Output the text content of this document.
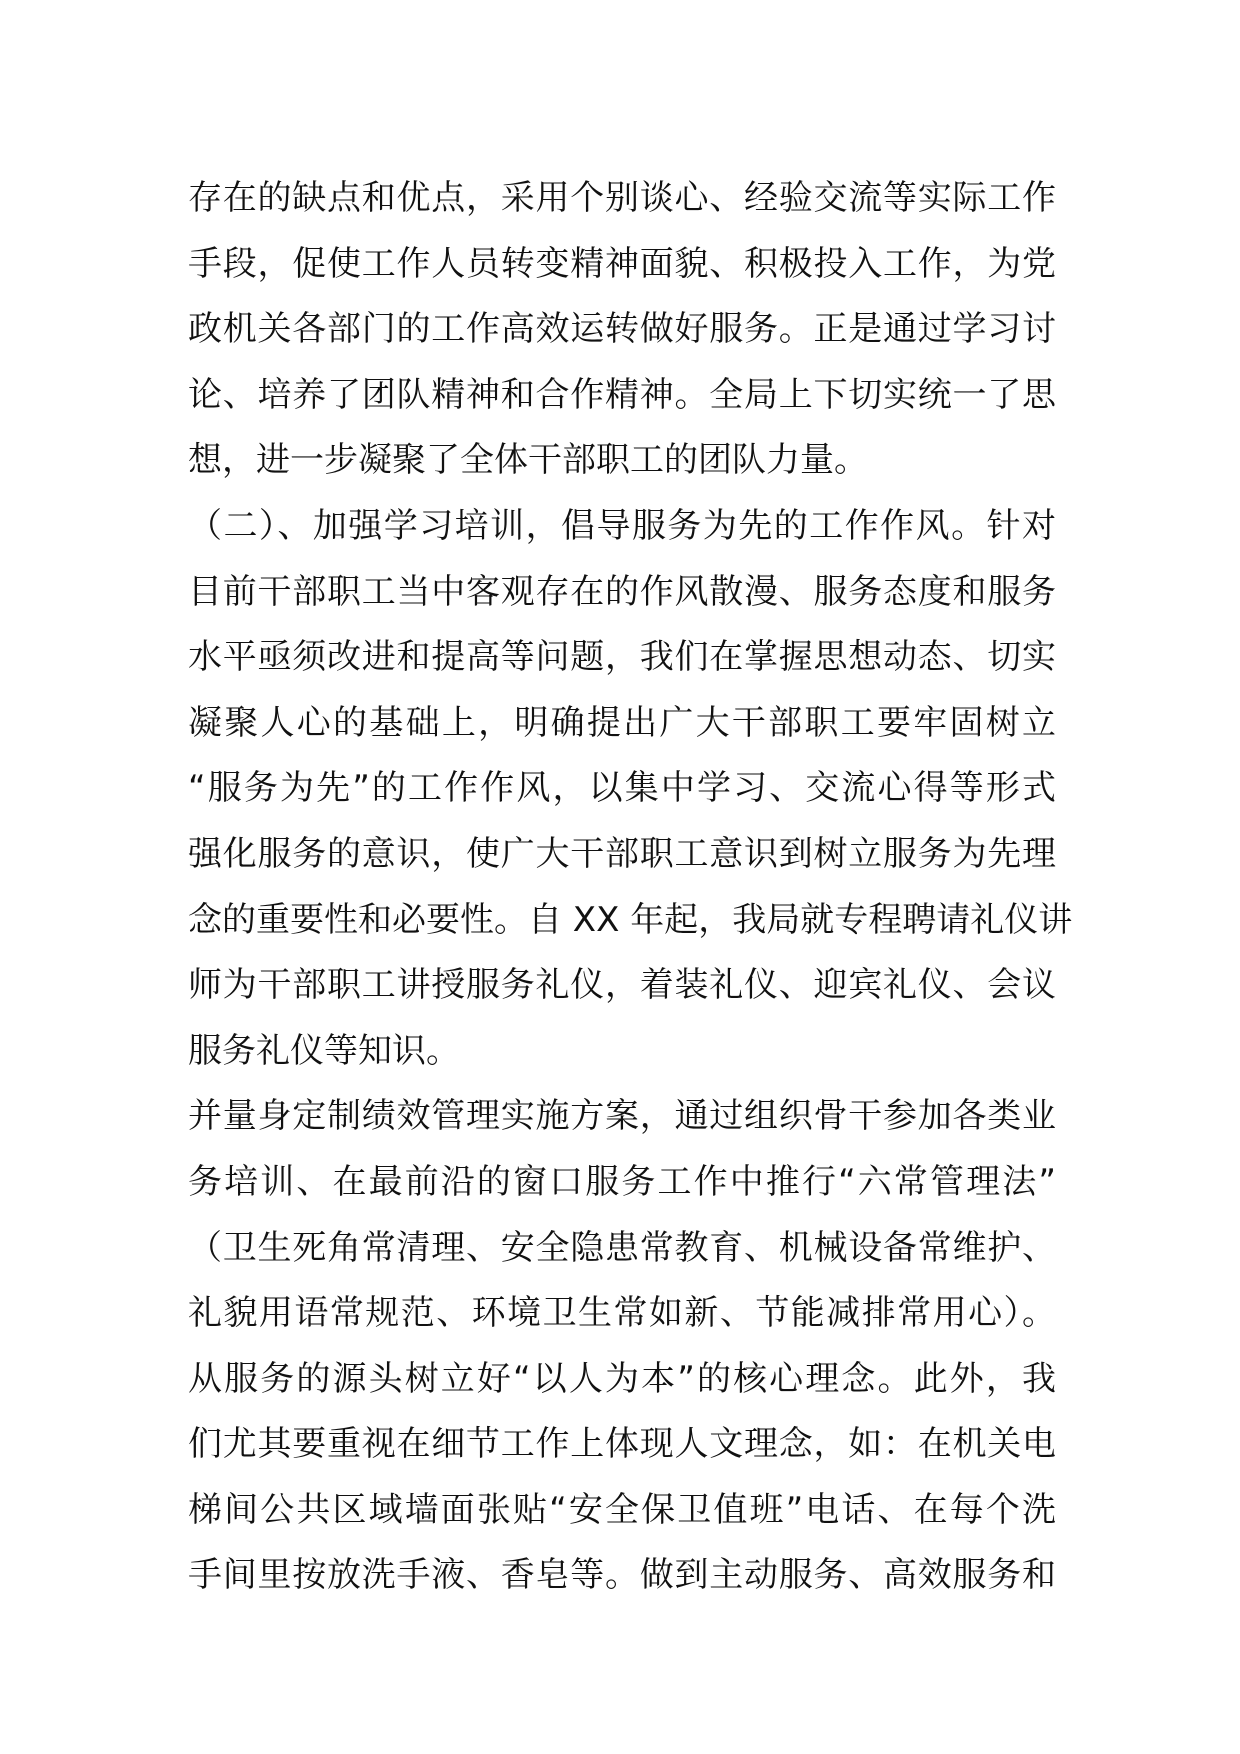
存在的缺点和优点，采用个别谈心、经验交流等实际工作
手段，促使工作人员转变精神面貌、积极投入工作，为党
政机关各部门的工作高效运转做好服务。正是通过学习讨
论、培养了团队精神和合作精神。全局上下切实统一了思
想，进一步凝聚了全体干部职工的团队力量。
（二）、加强学习培训，倡导服务为先的工作作风。针对
目前干部职工当中客观存在的作风散漫、服务态度和服务
水平亟须改进和提高等问题，我们在掌握思想动态、切实
凝聚人心的基础上，明确提出广大干部职工要牢固树立
“服务为先”的工作作风，以集中学习、交流心得等形式
强化服务的意识，使广大干部职工意识到树立服务为先理
念的重要性和必要性。自 XX 年起，我局就专程聘请礼仪讲
师为干部职工讲授服务礼仪，着装礼仪、迎宾礼仪、会议
服务礼仪等知识。
并量身定制绩效管理实施方案，通过组织骨干参加各类业
务培训、在最前沿的窗口服务工作中推行“六常管理法”
（卫生死角常清理、安全隐患常教育、机械设备常维护、
礼貌用语常规范、环境卫生常如新、节能减排常用心）。
从服务的源头树立好“以人为本”的核心理念。此外，我
们尤其要重视在细节工作上体现人文理念，如：在机关电
梯间公共区域墙面张贴“安全保卫值班”电话、在每个洗
手间里按放洗手液、香皂等。做到主动服务、高效服务和
